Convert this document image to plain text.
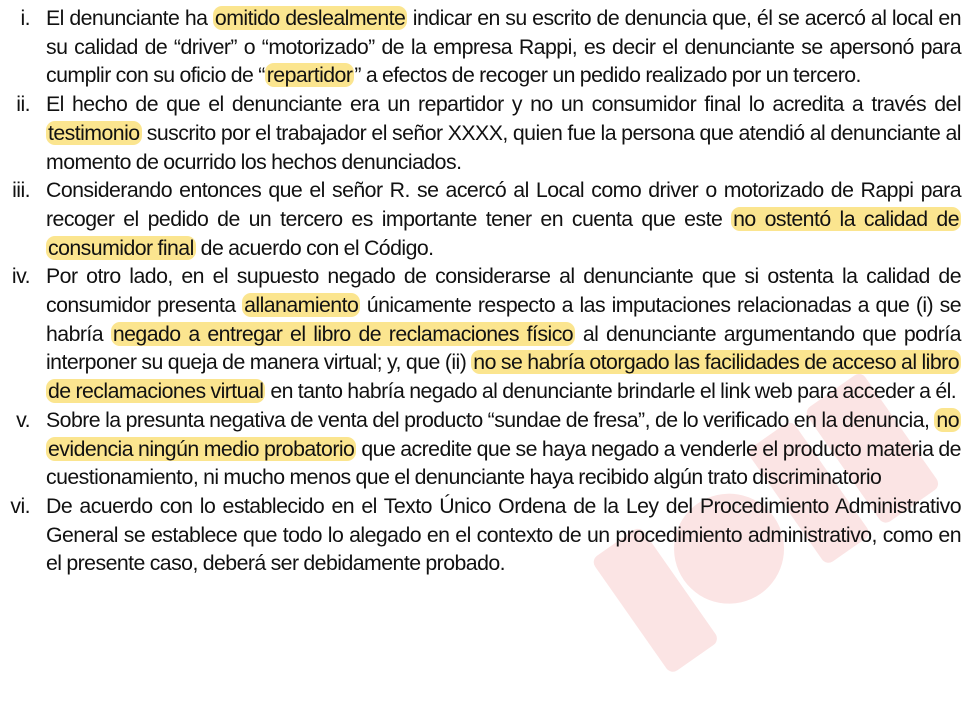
i. El denunciante ha omitido deslealmente indicar en su escrito de denuncia que, él se acercó al local en su calidad de “driver” o “motorizado” de la empresa Rappi, es decir el denunciante se apersonó para cumplir con su oficio de “repartidor” a efectos de recoger un pedido realizado por un tercero.
ii. El hecho de que el denunciante era un repartidor y no un consumidor final lo acredita a través del testimonio suscrito por el trabajador el señor XXXX, quien fue la persona que atendió al denunciante al momento de ocurrido los hechos denunciados.
iii. Considerando entonces que el señor R. se acercó al Local como driver o motorizado de Rappi para recoger el pedido de un tercero es importante tener en cuenta que este no ostentó la calidad de consumidor final de acuerdo con el Código.
iv. Por otro lado, en el supuesto negado de considerarse al denunciante que si ostenta la calidad de consumidor presenta allanamiento únicamente respecto a las imputaciones relacionadas a que (i) se habría negado a entregar el libro de reclamaciones físico al denunciante argumentando que podría interponer su queja de manera virtual; y, que (ii) no se habría otorgado las facilidades de acceso al libro de reclamaciones virtual en tanto habría negado al denunciante brindarle el link web para acceder a él.
v. Sobre la presunta negativa de venta del producto “sundae de fresa”, de lo verificado en la denuncia, no evidencia ningún medio probatorio que acredite que se haya negado a venderle el producto materia de cuestionamiento, ni mucho menos que el denunciante haya recibido algún trato discriminatorio
vi. De acuerdo con lo establecido en el Texto Único Ordena de la Ley del Procedimiento Administrativo General se establece que todo lo alegado en el contexto de un procedimiento administrativo, como en el presente caso, deberá ser debidamente probado.
